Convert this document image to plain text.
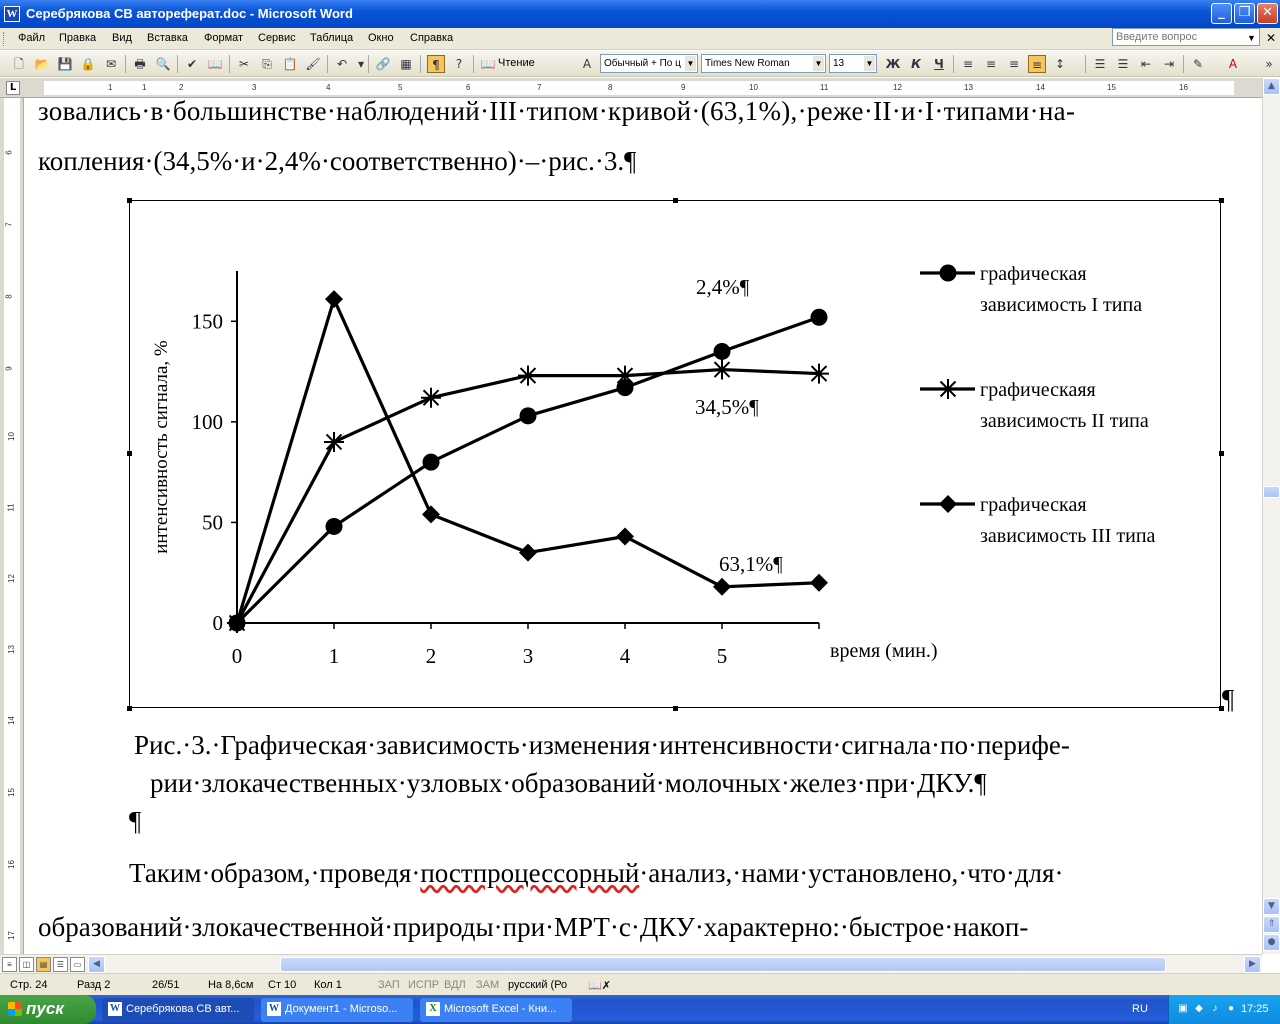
W Серебрякова СВ автореферат.doc - Microsoft Word	_	❐ ✕
Файл Правка Вид Вставка Формат Сервис Таблица Окно Справка	Введите вопрос	▼ ✕
🗋 📂 💾 🔒 ✉	🖶 🔍	✔ 📖	✂	⎘ 📋 🖌	↶ ▾ 🔗 ▦	¶	?	📖 Чтение	A	Обычный + По ц ▼	Times New Roman	▼	13	▼ Ж К	Ч	≡	≡	≡	≡	↕	☰	☰	⇤	⇥	✎	A	»
L	1	1	2	3	4	5	6	7	8	9	10	11	12	13	14	15	16
6
7
8
9
10
11
12
13
14
15
16
17

зовались·в·большинстве·наблюдений·III·типом·кривой·(63,1%),·реже·II·и·I·типами·на-

копления·(34,5%·и·2,4%·соответственно)·–·рис.·3.¶

0
50
100
150
0	1	2	3	4	5	время (мин.)
интенсивность сигнала, %
2,4%¶
34,5%¶
63,1%¶
графическая
зависимость I типа
графическаяя
зависимость II типа
графическая
зависимость III типа

¶

Рис.·3.·Графическая·зависимость·изменения·интенсивности·сигнала·по·перифе-

рии·злокачественных·узловых·образований·молочных·желез·при·ДКУ.¶

¶

Таким·образом,·проведя·постпроцессорный·анализ,·нами·установлено,·что·для·

образований·злокачественной·природы·при·МРТ·с·ДКУ·характерно:·быстрое·накоп-

▲
▼
⇑
●
≡	◫	▤	☰	▭	◀	▶
Стр. 24	Разд 2	26/51	На 8,6см Ст 10 Кол 1	ЗАП ИСПР ВДЛ ЗАМ русский (Ро 📖✗
пуск	W Серебрякова СВ авт...	W Документ1 - Microso...	X Microsoft Excel - Кни...	RU	▣ ◆ ♪	● 17:25
